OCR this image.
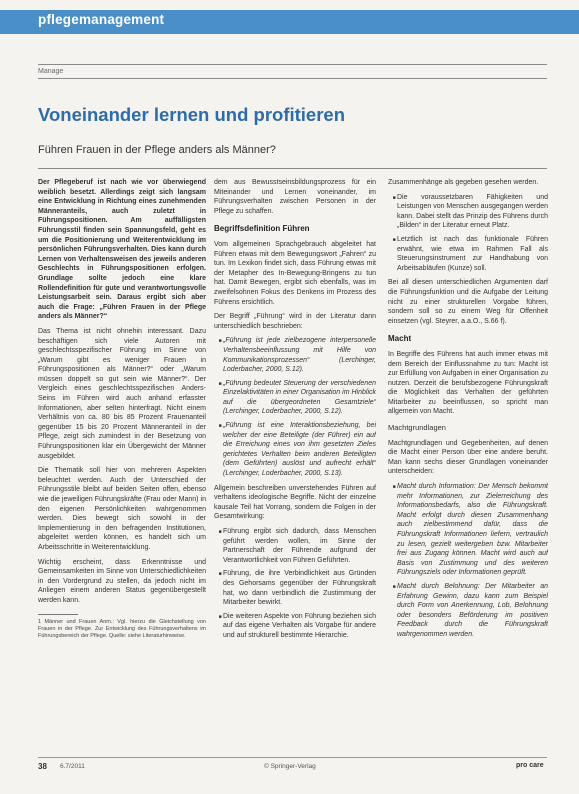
pflegemanagement
Manage
Voneinander lernen und profitieren
Führen Frauen in der Pflege anders als Männer?

Der Pflegeberuf ist nach wie vor überwiegend weiblich besetzt. Allerdings zeigt sich langsam eine Entwicklung in Richtung eines zunehmenden Männeranteils, auch zuletzt in Führungspositionen. Am auffälligsten Führungsstil finden sein Spannungsfeld, geht es um die Positionierung und Weiterentwicklung im persönlichen Führungsverhalten. Dies kann durch Lernen von Verhaltensweisen des jeweils anderen Geschlechts in Führungspositionen erfolgen. Grundlage sollte jedoch eine klare Rollendefinition für gute und verantwortungsvolle Leistungsarbeit sein. Daraus ergibt sich aber auch die Frage: „Führen Frauen in der Pflege anders als Männer?“

Das Thema ist nicht ohnehin interessant. Dazu beschäftigen sich viele Autoren mit geschlechtsspezifischer Führung im Sinne von „Warum gibt es weniger Frauen in Führungspositionen als Männer?“ oder „Warum müssen doppelt so gut sein wie Männer?“. Der Vergleich eines geschlechtsspezifischen Anders-Seins im Führen wird auch anhand erfasster Informationen, aber selten hinterfragt. Nicht einem Verhältnis von ca. 80 bis 85 Prozent Frauenanteil gegenüber 15 bis 20 Prozent Männeranteil in der Pflege, zeigt sich zumindest in der Besetzung von Führungspositionen klar ein Übergewicht der Männer ausgebildet.

Die Thematik soll hier von mehreren Aspekten beleuchtet werden. Auch der Unterschied der Führungsstile bleibt auf beiden Seiten offen, ebenso wie die jeweiligen Führungskräfte (Frau oder Mann) in den eigenen Persönlichkeiten wahrgenommen werden. Dies bewegt sich sowohl in der Implementierung in den befragenden Institutionen, abgeleitet werden können, es handelt sich um Arbeitsschritte in Weiterentwicklung.

Wichtig erscheint, dass Erkenntnisse und Gemeinsamkeiten im Sinne von Unterschiedlichkeiten in den Vordergrund zu stellen, da jedoch nicht im Anliegen einem anderen Status gegenübergestellt werden kann.

1 Männer und Frauen Anm.: Vgl. hierzu die Gleichstellung von Frauen in der Pflege. Zur Entwicklung des Führungsverhaltens im Führungsbereich der Pflege. Quelle: siehe Literaturhinweise.

dem aus Bewusstseinsbildungsprozess für ein Miteinander und Lernen voneinander, im Führungsverhalten zwischen Personen in der Pflege zu schaffen.

Begriffsdefinition Führen

Vom allgemeinen Sprachgebrauch abgeleitet hat Führen etwas mit dem Bewegungswort „Fahren“ zu tun. Im Lexikon findet sich, dass Führung etwas mit der Metapher des In-Bewegung-Bringens zu tun hat. Damit Bewegen, ergibt sich ebenfalls, was im zweifelsohnen Fokus des Denkens im Prozess des Führens ersichtlich.

Der Begriff „Führung“ wird in der Literatur dann unterschiedlich beschrieben:

• „Führung ist jede zielbezogene interpersonelle Verhaltensbeeinflussung mit Hilfe von Kommunikationsprozessen“ (Lerchinger, Loderbacher, 2000, S.12).
• „Führung bedeutet Steuerung der verschiedenen Einzelaktivitäten in einer Organisation im Hinblick auf die übergeordneten Gesamtziele“ (Lerchinger, Loderbacher, 2000, S.12).
• „Führung ist eine Interaktionsbeziehung, bei welcher der eine Beteiligte (der Führer) ein auf die Erreichung eines von ihm gesetzten Zieles gerichtetes Verhalten beim anderen Beteiligten (dem Geführten) auslöst und aufrecht erhält“ (Lerchinger, Loderbacher, 2000, S.13).

Allgemein beschreiben unverstehendes Führen auf verhaltens ideologische Begriffe. Nicht der einzelne kausale Teil hat Vorrang, sondern die Folgen in der Gesamtwirkung:

• Führung ergibt sich dadurch, dass Menschen geführt werden wollen, im Sinne der Partnerschaft der Führende aufgrund der Verantwortlichkeit von Führen Geführten.
• Führung, die ihre Verbindlichkeit aus Gründen des Gehorsams gegenüber der Führungskraft hat, wo dann verbindlich die Zustimmung der Mitarbeiter bewirkt.
• Die weiteren Aspekte von Führung beziehen sich auf das eigene Verhalten als Vorgabe für andere und auf strukturell bestimmte Hierarchie.

Zusammenhänge als gegeben gesehen werden.

• Die voraussetzbaren Fähigkeiten und Leistungen von Menschen ausgegangen werden kann. Dabei stellt das Prinzip des Führens durch „Bilden“ in der Literatur erneut Platz.
• Letztlich ist nach das funktionale Führen erwähnt, wie etwa im Rahmen Fall als Steuerungsinstrument zur Handhabung von Arbeitsabläufen (Kunze) soll.

Bei all diesen unterschiedlichen Argumenten darf die Führungsfunktion und die Aufgabe der Leitung nicht zu einer strukturellen Vorgabe führen, sondern soll so zu einem Weg für Offenheit einsetzen (vgl. Steyrer, a.a.O., S.66 f).

Macht

In Begriffe des Führens hat auch immer etwas mit dem Bereich der Einflussnahme zu tun: Macht ist zur Erfüllung von Aufgaben in einer Organisation zu nutzen. Derzeit die berufsbezogene Führungskraft die Möglichkeit das Verhalten der geführten Mitarbeiter zu beeinflussen, so spricht man allgemein von Macht.

Machtgrundlagen

Machtgrundlagen und Gegebenheiten, auf denen die Macht einer Person über eine andere beruht. Man kann sechs dieser Grundlagen voneinander unterscheiden:

• Macht durch Information: Der Mensch bekommt mehr Informationen, zur Zielerreichung des Informationsbedarfs, also die Führungskraft. Macht erfolgt durch diesen Zusammenhang auch zielbestimmend dafür, dass die Führungskraft Informationen liefern, vertraulich zu lesen, gezielt weitergeben bzw. Mitarbeiter frei aus Zugang können. Macht wird auch auf Basis von Zustimmung und des weiteren Führungsziels oder Informationen geprüft.
• Macht durch Belohnung: Der Mitarbeiter an Erfahrung Gewinn, dazu kann zum Beispiel durch Form von Anerkennung, Lob, Belohnung oder besonders Beförderung im positiven Feedback durch die Führungskraft wahrgenommen werden.
38 6.7/2011	© Springer-Verlag	pro care
